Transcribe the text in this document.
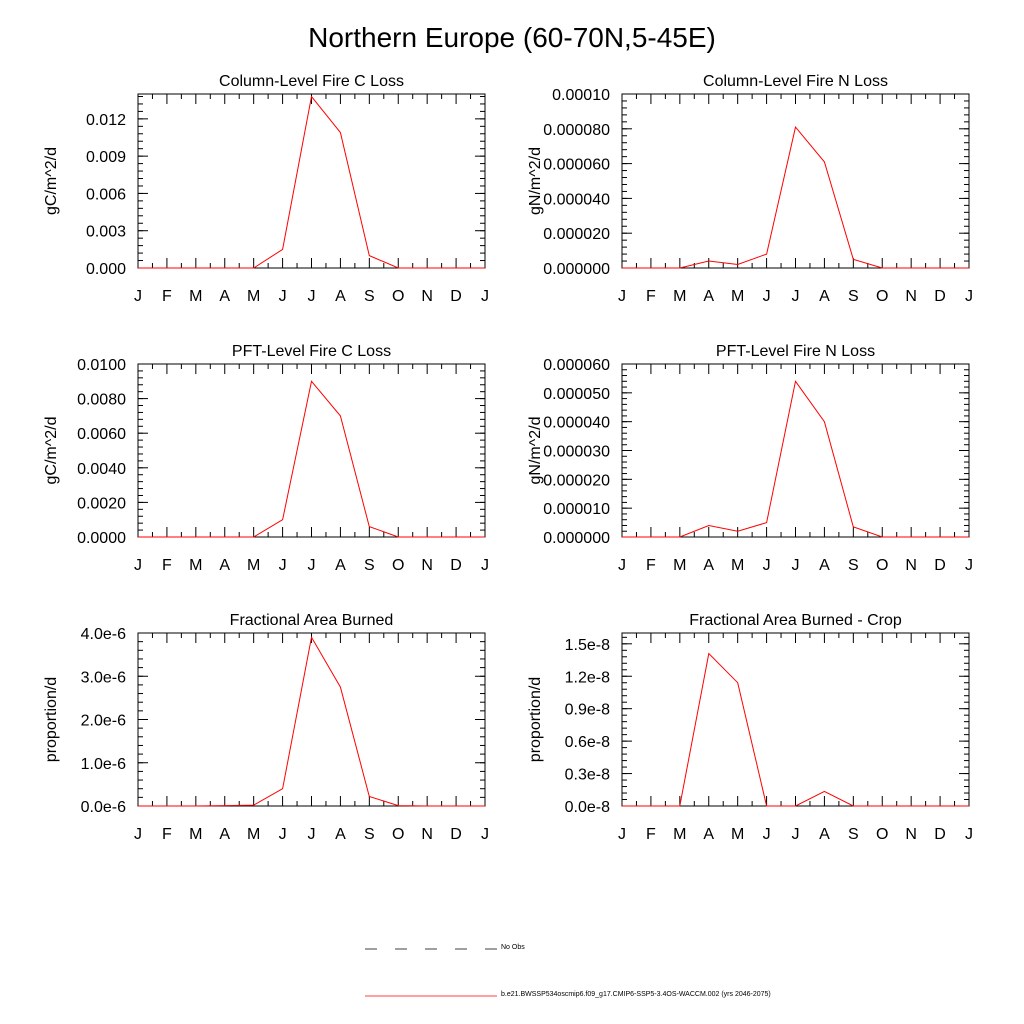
Northern Europe (60-70N,5-45E)
Column-Level Fire C Loss
J F M A M J J A S O N D J
0.000
0.003
0.006
0.009
0.012
gC/m^2/d
Column-Level Fire N Loss
J F M A M J J A S O N D J
0.000000
0.000020
0.000040
0.000060
0.000080
0.00010
gN/m^2/d
PFT-Level Fire C Loss
J F M A M J J A S O N D J
0.0000
0.0020
0.0040
0.0060
0.0080
0.0100
gC/m^2/d
PFT-Level Fire N Loss
J F M A M J J A S O N D J
0.000000
0.000010
0.000020
0.000030
0.000040
0.000050
0.000060
gN/m^2/d
Fractional Area Burned
J F M A M J J A S O N D J
0.0e-6
1.0e-6
2.0e-6
3.0e-6
4.0e-6
proportion/d
Fractional Area Burned - Crop
J F M A M J J A S O N D J
0.0e-8
0.3e-8
0.6e-8
0.9e-8
1.2e-8
1.5e-8
proportion/d
No Obs
b.e21.BWSSP534oscmip6.f09_g17.CMIP6-SSP5-3.4OS-WACCM.002 (yrs 2046-2075)
